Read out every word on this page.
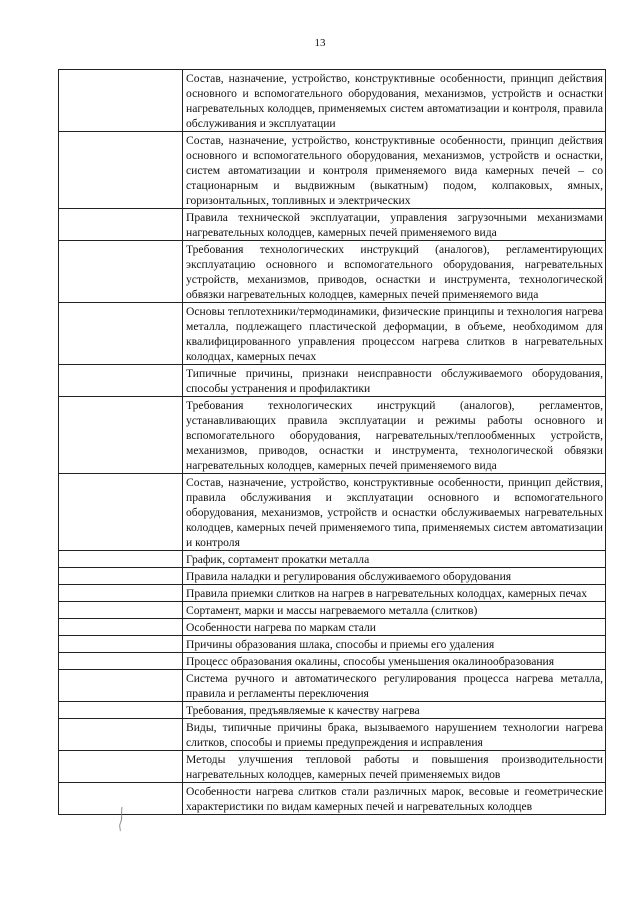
13

	Состав, назначение, устройство, конструктивные особенности, принцип действия основного и вспомогательного оборудования, механизмов, устройств и оснастки нагревательных колодцев, применяемых систем автоматизации и контроля, правила обслуживания и эксплуатации

	Состав, назначение, устройство, конструктивные особенности, принцип действия основного и вспомогательного оборудования, механизмов, устройств и оснастки, систем автоматизации и контроля применяемого вида камерных печей – со стационарным и выдвижным (выкатным) подом, колпаковых, ямных, горизонтальных, топливных и электрических

	Правила технической эксплуатации, управления загрузочными механизмами нагревательных колодцев, камерных печей применяемого вида

	Требования технологических инструкций (аналогов), регламентирующих эксплуатацию основного и вспомогательного оборудования, нагревательных устройств, механизмов, приводов, оснастки и инструмента, технологической обвязки нагревательных колодцев, камерных печей применяемого вида

	Основы теплотехники/термодинамики, физические принципы и технология нагрева металла, подлежащего пластической деформации, в объеме, необходимом для квалифицированного управления процессом нагрева слитков в нагревательных колодцах, камерных печах

	Типичные причины, признаки неисправности обслуживаемого оборудования, способы устранения и профилактики

	Требования технологических инструкций (аналогов), регламентов, устанавливающих правила эксплуатации и режимы работы основного и вспомогательного оборудования, нагревательных/теплообменных устройств, механизмов, приводов, оснастки и инструмента, технологической обвязки нагревательных колодцев, камерных печей применяемого вида

	Состав, назначение, устройство, конструктивные особенности, принцип действия, правила обслуживания и эксплуатации основного и вспомогательного оборудования, механизмов, устройств и оснастки обслуживаемых нагревательных колодцев, камерных печей применяемого типа, применяемых систем автоматизации и контроля

	График, сортамент прокатки металла

	Правила наладки и регулирования обслуживаемого оборудования

	Правила приемки слитков на нагрев в нагревательных колодцах, камерных печах

	Сортамент, марки и массы нагреваемого металла (слитков)

	Особенности нагрева по маркам стали

	Причины образования шлака, способы и приемы его удаления

	Процесс образования окалины, способы уменьшения окалинообразования

	Система ручного и автоматического регулирования процесса нагрева металла, правила и регламенты переключения

	Требования, предъявляемые к качеству нагрева

	Виды, типичные причины брака, вызываемого нарушением технологии нагрева слитков, способы и приемы предупреждения и исправления

	Методы улучшения тепловой работы и повышения производительности нагревательных колодцев, камерных печей применяемых видов

	Особенности нагрева слитков стали различных марок, весовые и геометрические характеристики по видам камерных печей и нагревательных колодцев
